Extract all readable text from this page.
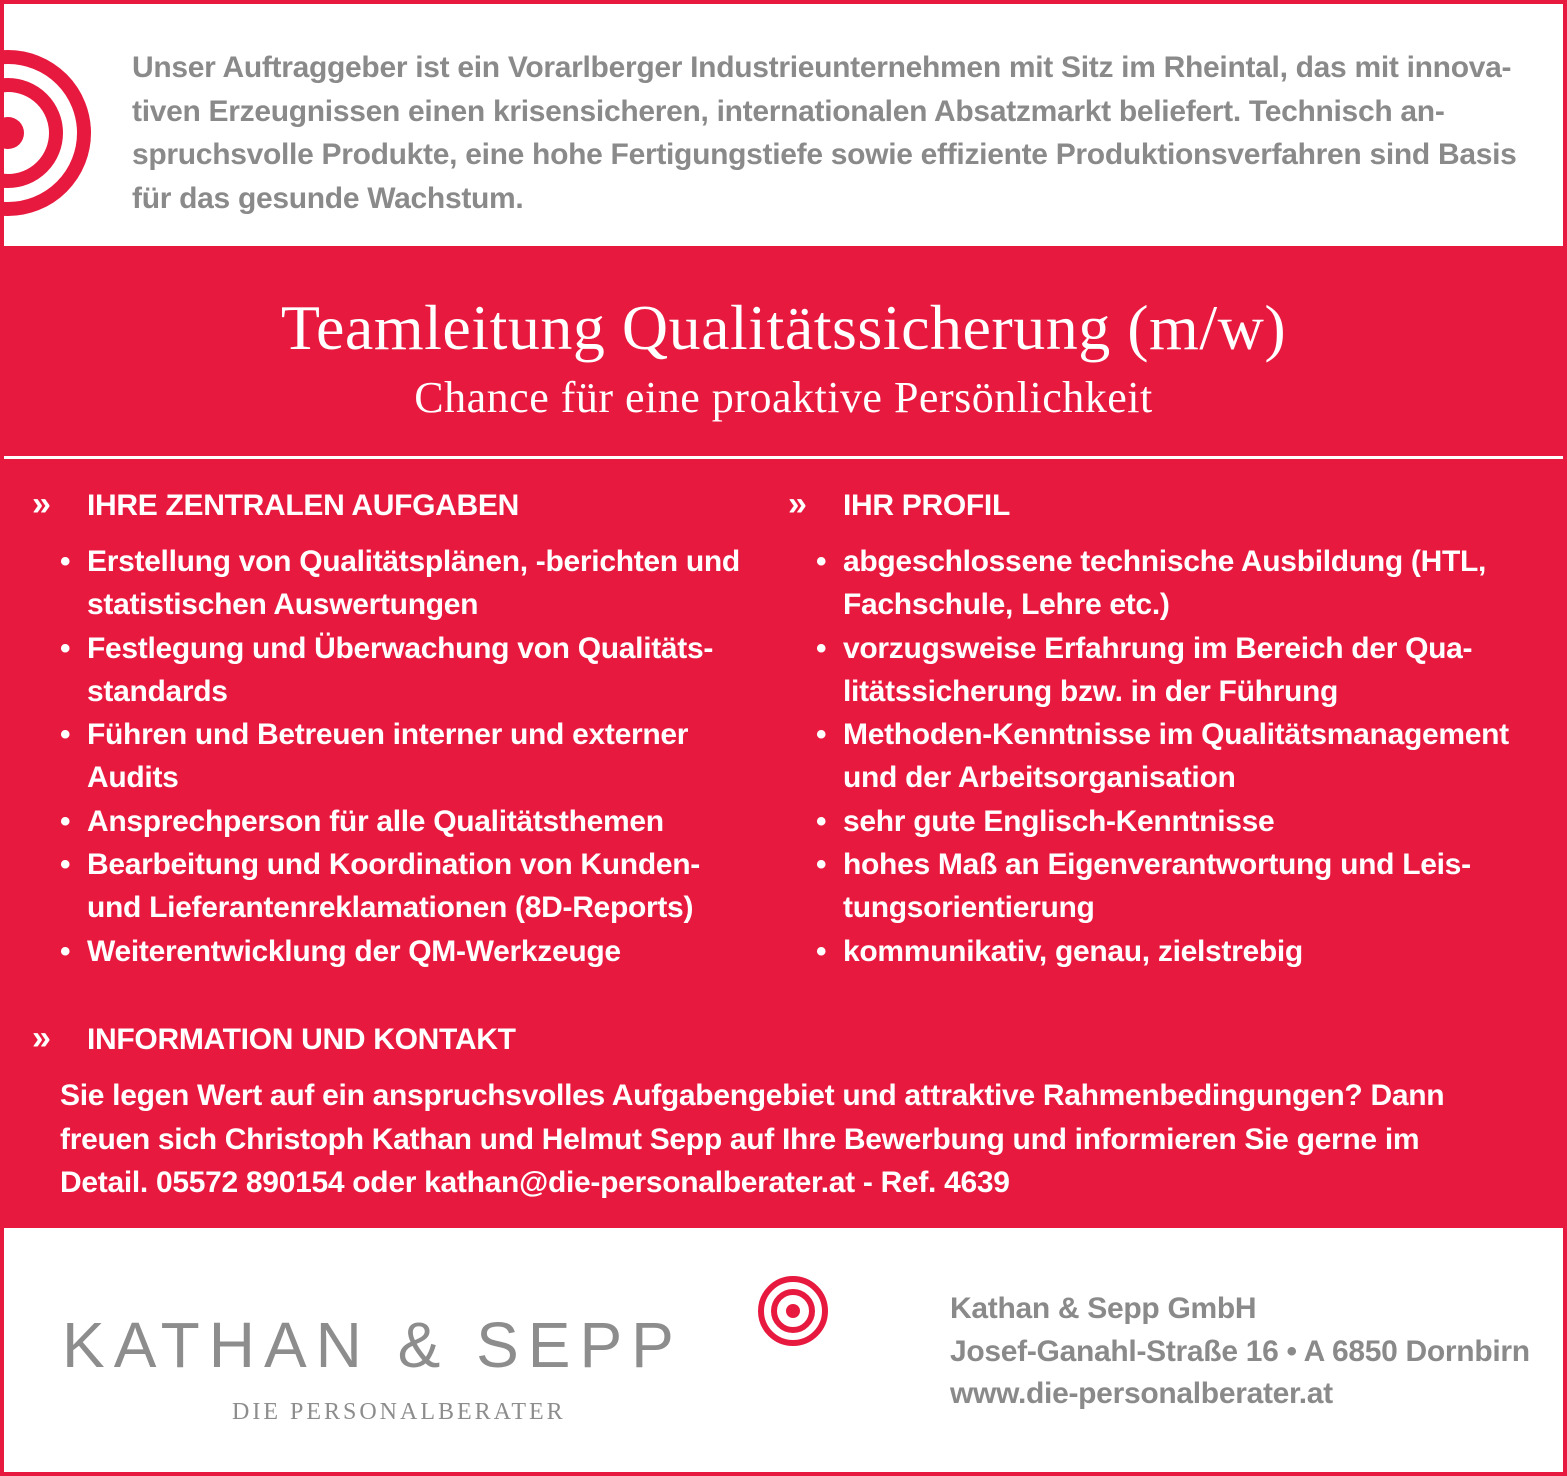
Unser Auftraggeber ist ein Vorarlberger Industrieunternehmen mit Sitz im Rheintal, das mit innovativen Erzeugnissen einen krisensicheren, internationalen Absatzmarkt beliefert. Technisch anspruchsvolle Produkte, eine hohe Fertigungstiefe sowie effiziente Produktionsverfahren sind Basis für das gesunde Wachstum.

Teamleitung Qualitätssicherung (m/w)
Chance für eine proaktive Persönlichkeit
» IHRE ZENTRALEN AUFGABEN
• Erstellung von Qualitätsplänen, -berichten und statistischen Auswertungen
• Festlegung und Überwachung von Qualitätsstandards
• Führen und Betreuen interner und externer Audits
• Ansprechperson für alle Qualitätsthemen
• Bearbeitung und Koordination von Kunden- und Lieferantenreklamationen (8D-Reports)
• Weiterentwicklung der QM-Werkzeuge
» IHR PROFIL
• abgeschlossene technische Ausbildung (HTL, Fachschule, Lehre etc.)
• vorzugsweise Erfahrung im Bereich der Qualitätssicherung bzw. in der Führung
• Methoden-Kenntnisse im Qualitätsmanagement und der Arbeitsorganisation
• sehr gute Englisch-Kenntnisse
• hohes Maß an Eigenverantwortung und Leistungsorientierung
• kommunikativ, genau, zielstrebig
» INFORMATION UND KONTAKT

Sie legen Wert auf ein anspruchsvolles Aufgabengebiet und attraktive Rahmenbedingungen? Dann freuen sich Christoph Kathan und Helmut Sepp auf Ihre Bewerbung und informieren Sie gerne im Detail. 05572 890154 oder kathan@die-personalberater.at - Ref. 4639

KATHAN & SEPP

DIE PERSONALBERATER

Kathan & Sepp GmbH
Josef-Ganahl-Straße 16 • A 6850 Dornbirn
www.die-personalberater.at
